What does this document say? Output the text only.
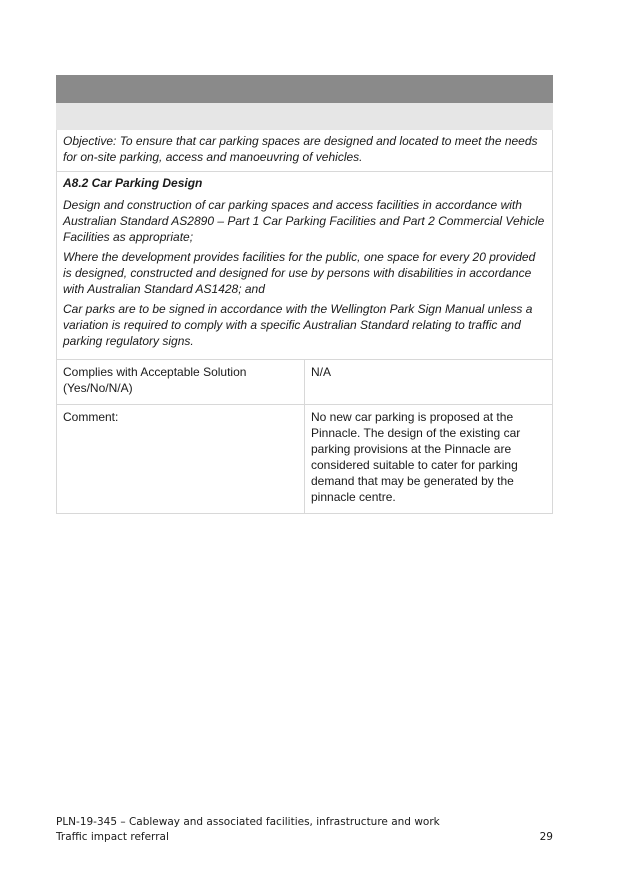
Objective: To ensure that car parking spaces are designed and located to meet the needs for on-site parking, access and manoeuvring of vehicles.	

A8.2 Car Parking Design
Design and construction of car parking spaces and access facilities in accordance with Australian Standard AS2890 – Part 1 Car Parking Facilities and Part 2 Commercial Vehicle Facilities as appropriate;
Where the development provides facilities for the public, one space for every 20 provided is designed, constructed and designed for use by persons with disabilities in accordance with Australian Standard AS1428; and
Car parks are to be signed in accordance with the Wellington Park Sign Manual unless a variation is required to comply with a specific Australian Standard relating to traffic and parking regulatory signs.	

Complies with Acceptable Solution (Yes/No/N/A)	N/A
Comment:	No new car parking is proposed at the Pinnacle. The design of the existing car parking provisions at the Pinnacle are considered suitable to cater for parking demand that may be generated by the pinnacle centre.
PLN-19-345 – Cableway and associated facilities, infrastructure and work
Traffic impact referral	29
